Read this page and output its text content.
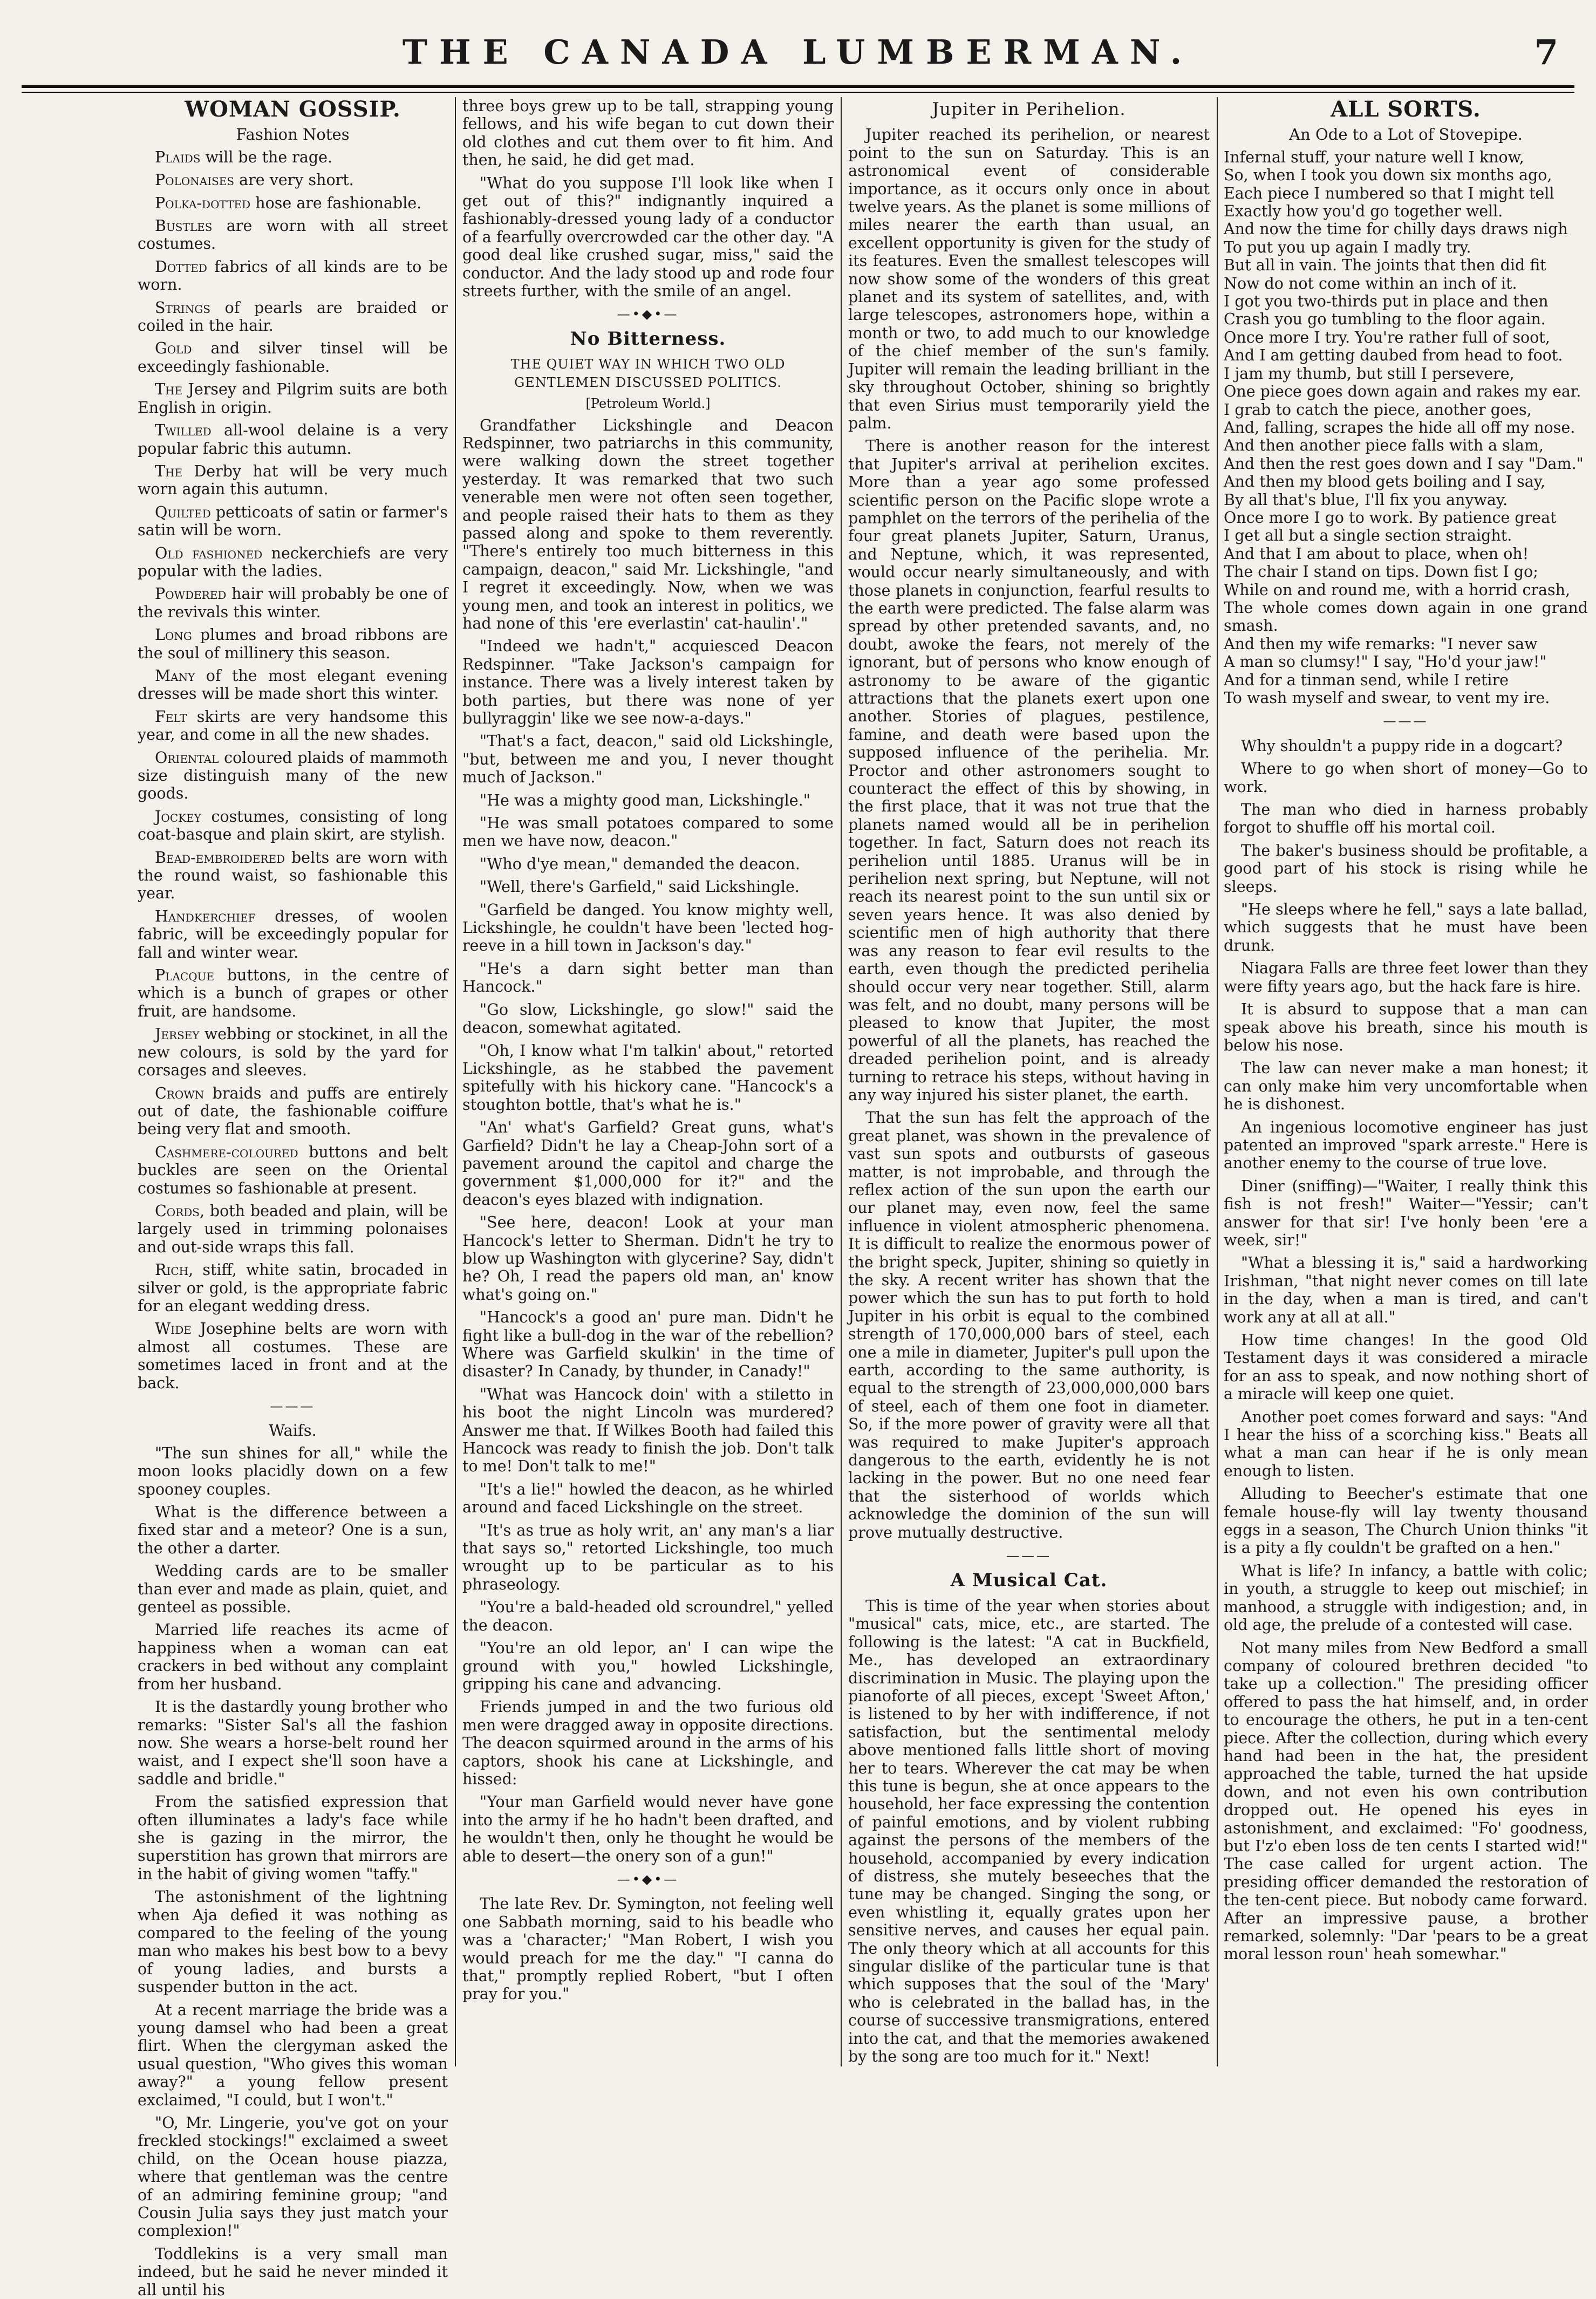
THE CANADA LUMBERMAN.	7
WOMAN GOSSIP.
Fashion Notes

Plaids will be the rage.

Polonaises are very short.

Polka-dotted hose are fashionable.

Bustles are worn with all street costumes.

Dotted fabrics of all kinds are to be worn.

Strings of pearls are braided or coiled in the hair.

Gold and silver tinsel will be exceedingly fashionable.

The Jersey and Pilgrim suits are both English in origin.

Twilled all-wool delaine is a very popular fabric this autumn.

The Derby hat will be very much worn again this autumn.

Quilted petticoats of satin or farmer's satin will be worn.

Old fashioned neckerchiefs are very popular with the ladies.

Powdered hair will probably be one of the revivals this winter.

Long plumes and broad ribbons are the soul of millinery this season.

Many of the most elegant evening dresses will be made short this winter.

Felt skirts are very handsome this year, and come in all the new shades.

Oriental coloured plaids of mammoth size distinguish many of the new goods.

Jockey costumes, consisting of long coat-basque and plain skirt, are stylish.

Bead-embroidered belts are worn with the round waist, so fashionable this year.

Handkerchief dresses, of woolen fabric, will be exceedingly popular for fall and winter wear.

Placque buttons, in the centre of which is a bunch of grapes or other fruit, are handsome.

Jersey webbing or stockinet, in all the new colours, is sold by the yard for corsages and sleeves.

Crown braids and puffs are entirely out of date, the fashionable coiffure being very flat and smooth.

Cashmere-coloured buttons and belt buckles are seen on the Oriental costumes so fashionable at present.

Cords, both beaded and plain, will be largely used in trimming polonaises and out-side wraps this fall.

Rich, stiff, white satin, brocaded in silver or gold, is the appropriate fabric for an elegant wedding dress.

Wide Josephine belts are worn with almost all costumes. These are sometimes laced in front and at the back.

———
Waifs.

"The sun shines for all," while the moon looks placidly down on a few spooney couples.

What is the difference between a fixed star and a meteor? One is a sun, the other a darter.

Wedding cards are to be smaller than ever and made as plain, quiet, and genteel as possible.

Married life reaches its acme of happiness when a woman can eat crackers in bed without any complaint from her husband.

It is the dastardly young brother who remarks: "Sister Sal's all the fashion now. She wears a horse-belt round her waist, and I expect she'll soon have a saddle and bridle."

From the satisfied expression that often illuminates a lady's face while she is gazing in the mirror, the superstition has grown that mirrors are in the habit of giving women "taffy."

The astonishment of the lightning when Aja defied it was nothing as compared to the feeling of the young man who makes his best bow to a bevy of young ladies, and bursts a suspender button in the act.

At a recent marriage the bride was a young damsel who had been a great flirt. When the clergyman asked the usual question, "Who gives this woman away?" a young fellow present exclaimed, "I could, but I won't."

"O, Mr. Lingerie, you've got on your freckled stockings!" exclaimed a sweet child, on the Ocean house piazza, where that gentleman was the centre of an admiring feminine group; "and Cousin Julia says they just match your complexion!"

Toddlekins is a very small man indeed, but he said he never minded it all until his

three boys grew up to be tall, strapping young fellows, and his wife began to cut down their old clothes and cut them over to fit him. And then, he said, he did get mad.

"What do you suppose I'll look like when I get out of this?" indignantly inquired a fashionably-dressed young lady of a conductor of a fearfully overcrowded car the other day. "A good deal like crushed sugar, miss," said the conductor. And the lady stood up and rode four streets further, with the smile of an angel.

—•◆•—
No Bitterness.
THE QUIET WAY IN WHICH TWO OLD GENTLEMEN DISCUSSED POLITICS.

[Petroleum World.]

Grandfather Lickshingle and Deacon Redspinner, two patriarchs in this community, were walking down the street together yesterday. It was remarked that two such venerable men were not often seen together, and people raised their hats to them as they passed along and spoke to them reverently. "There's entirely too much bitterness in this campaign, deacon," said Mr. Lickshingle, "and I regret it exceedingly. Now, when we was young men, and took an interest in politics, we had none of this 'ere everlastin' cat-haulin'."

"Indeed we hadn't," acquiesced Deacon Redspinner. "Take Jackson's campaign for instance. There was a lively interest taken by both parties, but there was none of yer bullyraggin' like we see now-a-days."

"That's a fact, deacon," said old Lickshingle, "but, between me and you, I never thought much of Jackson."

"He was a mighty good man, Lickshingle."

"He was small potatoes compared to some men we have now, deacon."

"Who d'ye mean," demanded the deacon.

"Well, there's Garfield," said Lickshingle.

"Garfield be danged. You know mighty well, Lickshingle, he couldn't have been 'lected hog-reeve in a hill town in Jackson's day."

"He's a darn sight better man than Hancock."

"Go slow, Lickshingle, go slow!" said the deacon, somewhat agitated.

"Oh, I know what I'm talkin' about," retorted Lickshingle, as he stabbed the pavement spitefully with his hickory cane. "Hancock's a stoughton bottle, that's what he is."

"An' what's Garfield? Great guns, what's Garfield? Didn't he lay a Cheap-John sort of a pavement around the capitol and charge the government $1,000,000 for it?" and the deacon's eyes blazed with indignation.

"See here, deacon! Look at your man Hancock's letter to Sherman. Didn't he try to blow up Washington with glycerine? Say, didn't he? Oh, I read the papers old man, an' know what's going on."

"Hancock's a good an' pure man. Didn't he fight like a bull-dog in the war of the rebellion? Where was Garfield skulkin' in the time of disaster? In Canady, by thunder, in Canady!"

"What was Hancock doin' with a stiletto in his boot the night Lincoln was murdered? Answer me that. If Wilkes Booth had failed this Hancock was ready to finish the job. Don't talk to me! Don't talk to me!"

"It's a lie!" howled the deacon, as he whirled around and faced Lickshingle on the street.

"It's as true as holy writ, an' any man's a liar that says so," retorted Lickshingle, too much wrought up to be particular as to his phraseology.

"You're a bald-headed old scroundrel," yelled the deacon.

"You're an old lepor, an' I can wipe the ground with you," howled Lickshingle, gripping his cane and advancing.

Friends jumped in and the two furious old men were dragged away in opposite directions. The deacon squirmed around in the arms of his captors, shook his cane at Lickshingle, and hissed:

"Your man Garfield would never have gone into the army if he ho hadn't been drafted, and he wouldn't then, only he thought he would be able to desert—the onery son of a gun!"

—•◆•—

The late Rev. Dr. Symington, not feeling well one Sabbath morning, said to his beadle who was a 'character;' "Man Robert, I wish you would preach for me the day." "I canna do that," promptly replied Robert, "but I often pray for you."

Jupiter in Perihelion.

Jupiter reached its perihelion, or nearest point to the sun on Saturday. This is an astronomical event of considerable importance, as it occurs only once in about twelve years. As the planet is some millions of miles nearer the earth than usual, an excellent opportunity is given for the study of its features. Even the smallest telescopes will now show some of the wonders of this great planet and its system of satellites, and, with large telescopes, astronomers hope, within a month or two, to add much to our knowledge of the chief member of the sun's family. Jupiter will remain the leading brilliant in the sky throughout October, shining so brightly that even Sirius must temporarily yield the palm.

There is another reason for the interest that Jupiter's arrival at perihelion excites. More than a year ago some professed scientific person on the Pacific slope wrote a pamphlet on the terrors of the perihelia of the four great planets Jupiter, Saturn, Uranus, and Neptune, which, it was represented, would occur nearly simultaneously, and with those planets in conjunction, fearful results to the earth were predicted. The false alarm was spread by other pretended savants, and, no doubt, awoke the fears, not merely of the ignorant, but of persons who know enough of astronomy to be aware of the gigantic attractions that the planets exert upon one another. Stories of plagues, pestilence, famine, and death were based upon the supposed influence of the perihelia. Mr. Proctor and other astronomers sought to counteract the effect of this by showing, in the first place, that it was not true that the planets named would all be in perihelion together. In fact, Saturn does not reach its perihelion until 1885. Uranus will be in perihelion next spring, but Neptune, will not reach its nearest point to the sun until six or seven years hence. It was also denied by scientific men of high authority that there was any reason to fear evil results to the earth, even though the predicted perihelia should occur very near together. Still, alarm was felt, and no doubt, many persons will be pleased to know that Jupiter, the most powerful of all the planets, has reached the dreaded perihelion point, and is already turning to retrace his steps, without having in any way injured his sister planet, the earth.

That the sun has felt the approach of the great planet, was shown in the prevalence of vast sun spots and outbursts of gaseous matter, is not improbable, and through the reflex action of the sun upon the earth our our planet may, even now, feel the same influence in violent atmospheric phenomena. It is difficult to realize the enormous power of the bright speck, Jupiter, shining so quietly in the sky. A recent writer has shown that the power which the sun has to put forth to hold Jupiter in his orbit is equal to the combined strength of 170,000,000 bars of steel, each one a mile in diameter, Jupiter's pull upon the earth, according to the same authority, is equal to the strength of 23,000,000,000 bars of steel, each of them one foot in diameter. So, if the more power of gravity were all that was required to make Jupiter's approach dangerous to the earth, evidently he is not lacking in the power. But no one need fear that the sisterhood of worlds which acknowledge the dominion of the sun will prove mutually destructive.

———
A Musical Cat.

This is time of the year when stories about "musical" cats, mice, etc., are started. The following is the latest: "A cat in Buckfield, Me., has developed an extraordinary discrimination in Music. The playing upon the pianoforte of all pieces, except 'Sweet Afton,' is listened to by her with indifference, if not satisfaction, but the sentimental melody above mentioned falls little short of moving her to tears. Wherever the cat may be when this tune is begun, she at once appears to the household, her face expressing the contention of painful emotions, and by violent rubbing against the persons of the members of the household, accompanied by every indication of distress, she mutely beseeches that the tune may be changed. Singing the song, or even whistling it, equally grates upon her sensitive nerves, and causes her equal pain. The only theory which at all accounts for this singular dislike of the particular tune is that which supposes that the soul of the 'Mary' who is celebrated in the ballad has, in the course of successive transmigrations, entered into the cat, and that the memories awakened by the song are too much for it." Next!

ALL SORTS.
An Ode to a Lot of Stovepipe.

Infernal stuff, your nature well I know,

So, when I took you down six months ago,

Each piece I numbered so that I might tell

Exactly how you'd go together well.

And now the time for chilly days draws nigh

To put you up again I madly try.

But all in vain. The joints that then did fit

Now do not come within an inch of it.

I got you two-thirds put in place and then

Crash you go tumbling to the floor again.

Once more I try. You're rather full of soot,

And I am getting daubed from head to foot.

I jam my thumb, but still I persevere,

One piece goes down again and rakes my ear.

I grab to catch the piece, another goes,

And, falling, scrapes the hide all off my nose.

And then another piece falls with a slam,

And then the rest goes down and I say "Dam."

And then my blood gets boiling and I say,

By all that's blue, I'll fix you anyway.

Once more I go to work. By patience great

I get all but a single section straight.

And that I am about to place, when oh!

The chair I stand on tips. Down fist I go;

While on and round me, with a horrid crash,

The whole comes down again in one grand smash.

And then my wife remarks: "I never saw

A man so clumsy!" I say, "Ho'd your jaw!"

And for a tinman send, while I retire

To wash myself and swear, to vent my ire.

———

Why shouldn't a puppy ride in a dogcart?

Where to go when short of money—Go to work.

The man who died in harness probably forgot to shuffle off his mortal coil.

The baker's business should be profitable, a good part of his stock is rising while he sleeps.

"He sleeps where he fell," says a late ballad, which suggests that he must have been drunk.

Niagara Falls are three feet lower than they were fifty years ago, but the hack fare is hire.

It is absurd to suppose that a man can speak above his breath, since his mouth is below his nose.

The law can never make a man honest; it can only make him very uncomfortable when he is dishonest.

An ingenious locomotive engineer has just patented an improved "spark arreste." Here is another enemy to the course of true love.

Diner (sniffing)—"Waiter, I really think this fish is not fresh!" Waiter—"Yessir; can't answer for that sir! I've honly been 'ere a week, sir!"

"What a blessing it is," said a hardworking Irishman, "that night never comes on till late in the day, when a man is tired, and can't work any at all at all."

How time changes! In the good Old Testament days it was considered a miracle for an ass to speak, and now nothing short of a miracle will keep one quiet.

Another poet comes forward and says: "And I hear the hiss of a scorching kiss." Beats all what a man can hear if he is only mean enough to listen.

Alluding to Beecher's estimate that one female house-fly will lay twenty thousand eggs in a season, The Church Union thinks "it is a pity a fly couldn't be grafted on a hen."

What is life? In infancy, a battle with colic; in youth, a struggle to keep out mischief; in manhood, a struggle with indigestion; and, in old age, the prelude of a contested will case.

Not many miles from New Bedford a small company of coloured brethren decided "to take up a collection." The presiding officer offered to pass the hat himself, and, in order to encourage the others, he put in a ten-cent piece. After the collection, during which every hand had been in the hat, the president approached the table, turned the hat upside down, and not even his own contribution dropped out. He opened his eyes in astonishment, and exclaimed: "Fo' goodness, but I'z'o eben loss de ten cents I started wid!" The case called for urgent action. The presiding officer demanded the restoration of the ten-cent piece. But nobody came forward. After an impressive pause, a brother remarked, solemnly: "Dar 'pears to be a great moral lesson roun' heah somewhar."
